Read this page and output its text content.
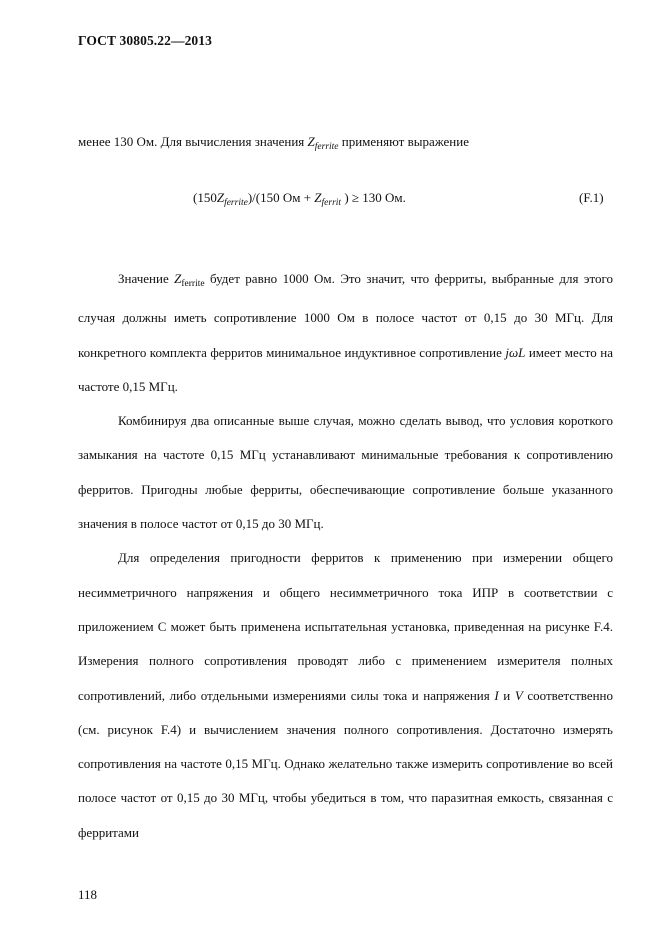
ГОСТ 30805.22—2013
менее 130 Ом. Для вычисления значения $Z_{ferrite}$ применяют выражение
$(150Z_{ferrite})/(150$ Ом + $Z_{ferrit}$ ) ≥ 130 Ом.	(F.1)

Значение $Z_{ferrite}$ будет равно 1000 Ом. Это значит, что ферриты, выбранные для этого случая должны иметь сопротивление 1000 Ом в полосе частот от 0,15 до 30 МГц. Для конкретного комплекта ферритов минимальное индуктивное сопротивление jωL имеет место на частоте 0,15 МГц.

Комбинируя два описанные выше случая, можно сделать вывод, что условия короткого замыкания на частоте 0,15 МГц устанавливают минимальные требования к сопротивлению ферритов. Пригодны любые ферриты, обеспечивающие сопротивление больше указанного значения в полосе частот от 0,15 до 30 МГц.

Для определения пригодности ферритов к применению при измерении общего несимметричного напряжения и общего несимметричного тока ИПР в соответствии с приложением С может быть применена испытательная установка, приведенная на рисунке F.4. Измерения полного сопротивления проводят либо с применением измерителя полных сопротивлений, либо отдельными измерениями силы тока и напряжения I и V соответственно (см. рисунок F.4) и вычислением значения полного сопротивления. Достаточно измерять сопротивления на частоте 0,15 МГц. Однако желательно также измерить сопротивление во всей полосе частот от 0,15 до 30 МГц, чтобы убедиться в том, что паразитная емкость, связанная с ферритами

118
